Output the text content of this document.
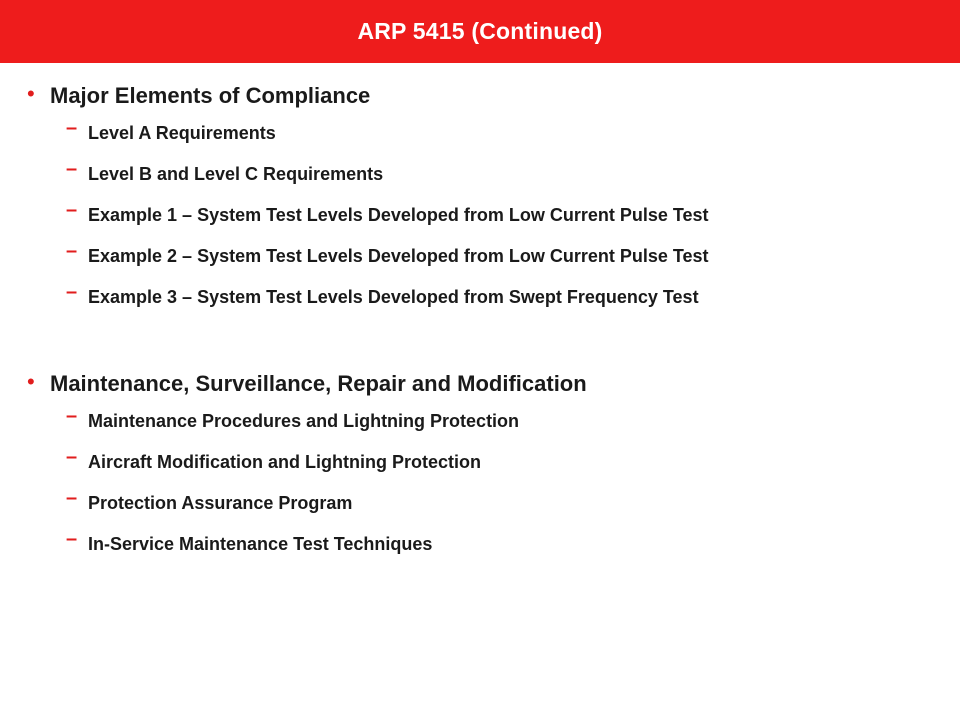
ARP 5415 (Continued)
• Major Elements of Compliance
– Level A Requirements
– Level B and Level C Requirements
– Example 1 – System Test Levels Developed from Low Current Pulse Test
– Example 2 – System Test Levels Developed from Low Current Pulse Test
– Example 3 – System Test Levels Developed from Swept Frequency Test
• Maintenance, Surveillance, Repair and Modification
– Maintenance Procedures and Lightning Protection
– Aircraft Modification and Lightning Protection
– Protection Assurance Program
– In-Service Maintenance Test Techniques
